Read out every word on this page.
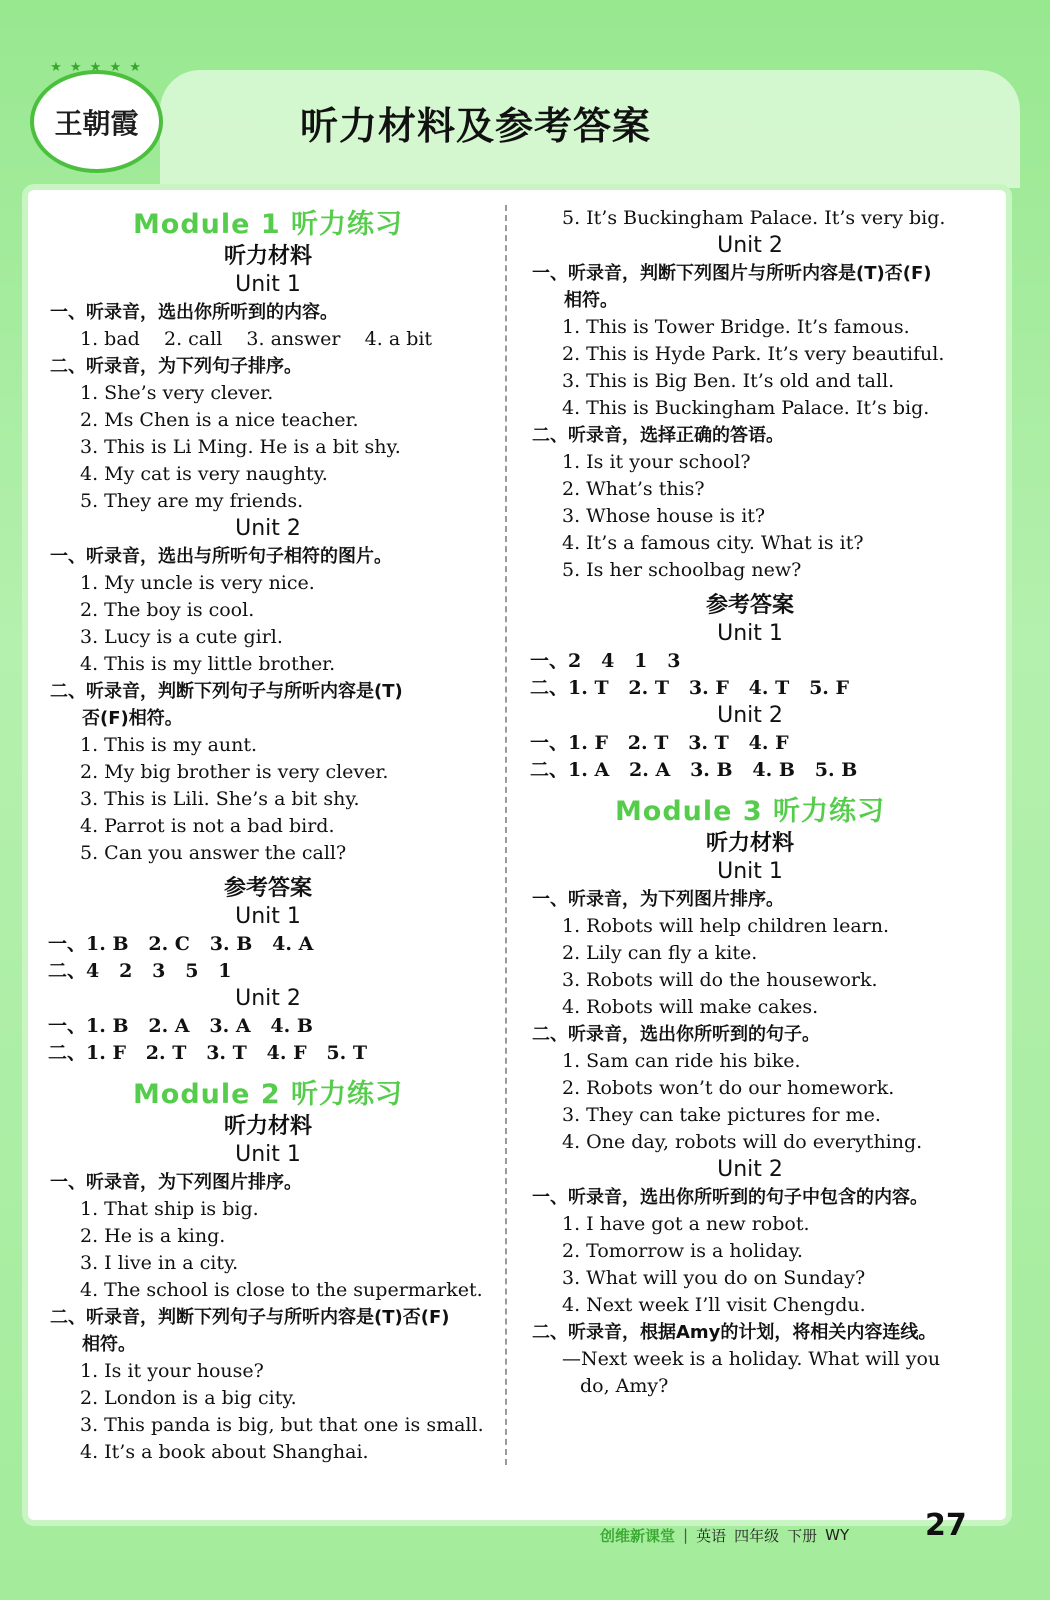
★ ★ ★ ★ ★
王朝霞	听力材料及参考答案
Module 1 听力练习
听力材料
Unit 1
一、听录音，选出你所听到的内容。
1. bad    2. call    3. answer    4. a bit
二、听录音，为下列句子排序。
1. She’s very clever.
2. Ms Chen is a nice teacher.
3. This is Li Ming. He is a bit shy.
4. My cat is very naughty.
5. They are my friends.
Unit 2
一、听录音，选出与所听句子相符的图片。
1. My uncle is very nice.
2. The boy is cool.
3. Lucy is a cute girl.
4. This is my little brother.
二、听录音，判断下列句子与所听内容是(T)
否(F)相符。
1. This is my aunt.
2. My big brother is very clever.
3. This is Lili. She’s a bit shy.
4. Parrot is not a bad bird.
5. Can you answer the call?
参考答案
Unit 1
一、1. B   2. C   3. B   4. A
二、4   2   3   5   1
Unit 2
一、1. B   2. A   3. A   4. B
二、1. F   2. T   3. T   4. F   5. T
Module 2 听力练习
听力材料
Unit 1
一、听录音，为下列图片排序。
1. That ship is big.
2. He is a king.
3. I live in a city.
4. The school is close to the supermarket.
二、听录音，判断下列句子与所听内容是(T)否(F)
相符。
1. Is it your house?
2. London is a big city.
3. This panda is big, but that one is small.
4. It’s a book about Shanghai.
5. It’s Buckingham Palace. It’s very big.
Unit 2
一、听录音，判断下列图片与所听内容是(T)否(F)
相符。
1. This is Tower Bridge. It’s famous.
2. This is Hyde Park. It’s very beautiful.
3. This is Big Ben. It’s old and tall.
4. This is Buckingham Palace. It’s big.
二、听录音，选择正确的答语。
1. Is it your school?
2. What’s this?
3. Whose house is it?
4. It’s a famous city. What is it?
5. Is her schoolbag new?
参考答案
Unit 1
一、2   4   1   3
二、1. T   2. T   3. F   4. T   5. F
Unit 2
一、1. F   2. T   3. T   4. F
二、1. A   2. A   3. B   4. B   5. B
Module 3 听力练习
听力材料
Unit 1
一、听录音，为下列图片排序。
1. Robots will help children learn.
2. Lily can fly a kite.
3. Robots will do the housework.
4. Robots will make cakes.
二、听录音，选出你所听到的句子。
1. Sam can ride his bike.
2. Robots won’t do our homework.
3. They can take pictures for me.
4. One day, robots will do everything.
Unit 2
一、听录音，选出你所听到的句子中包含的内容。
1. I have got a new robot.
2. Tomorrow is a holiday.
3. What will you do on Sunday?
4. Next week I’ll visit Chengdu.
二、听录音，根据Amy的计划，将相关内容连线。
—Next week is a holiday. What will you
do, Amy?
创维新课堂 | 英语 四年级 下册 WY	27
